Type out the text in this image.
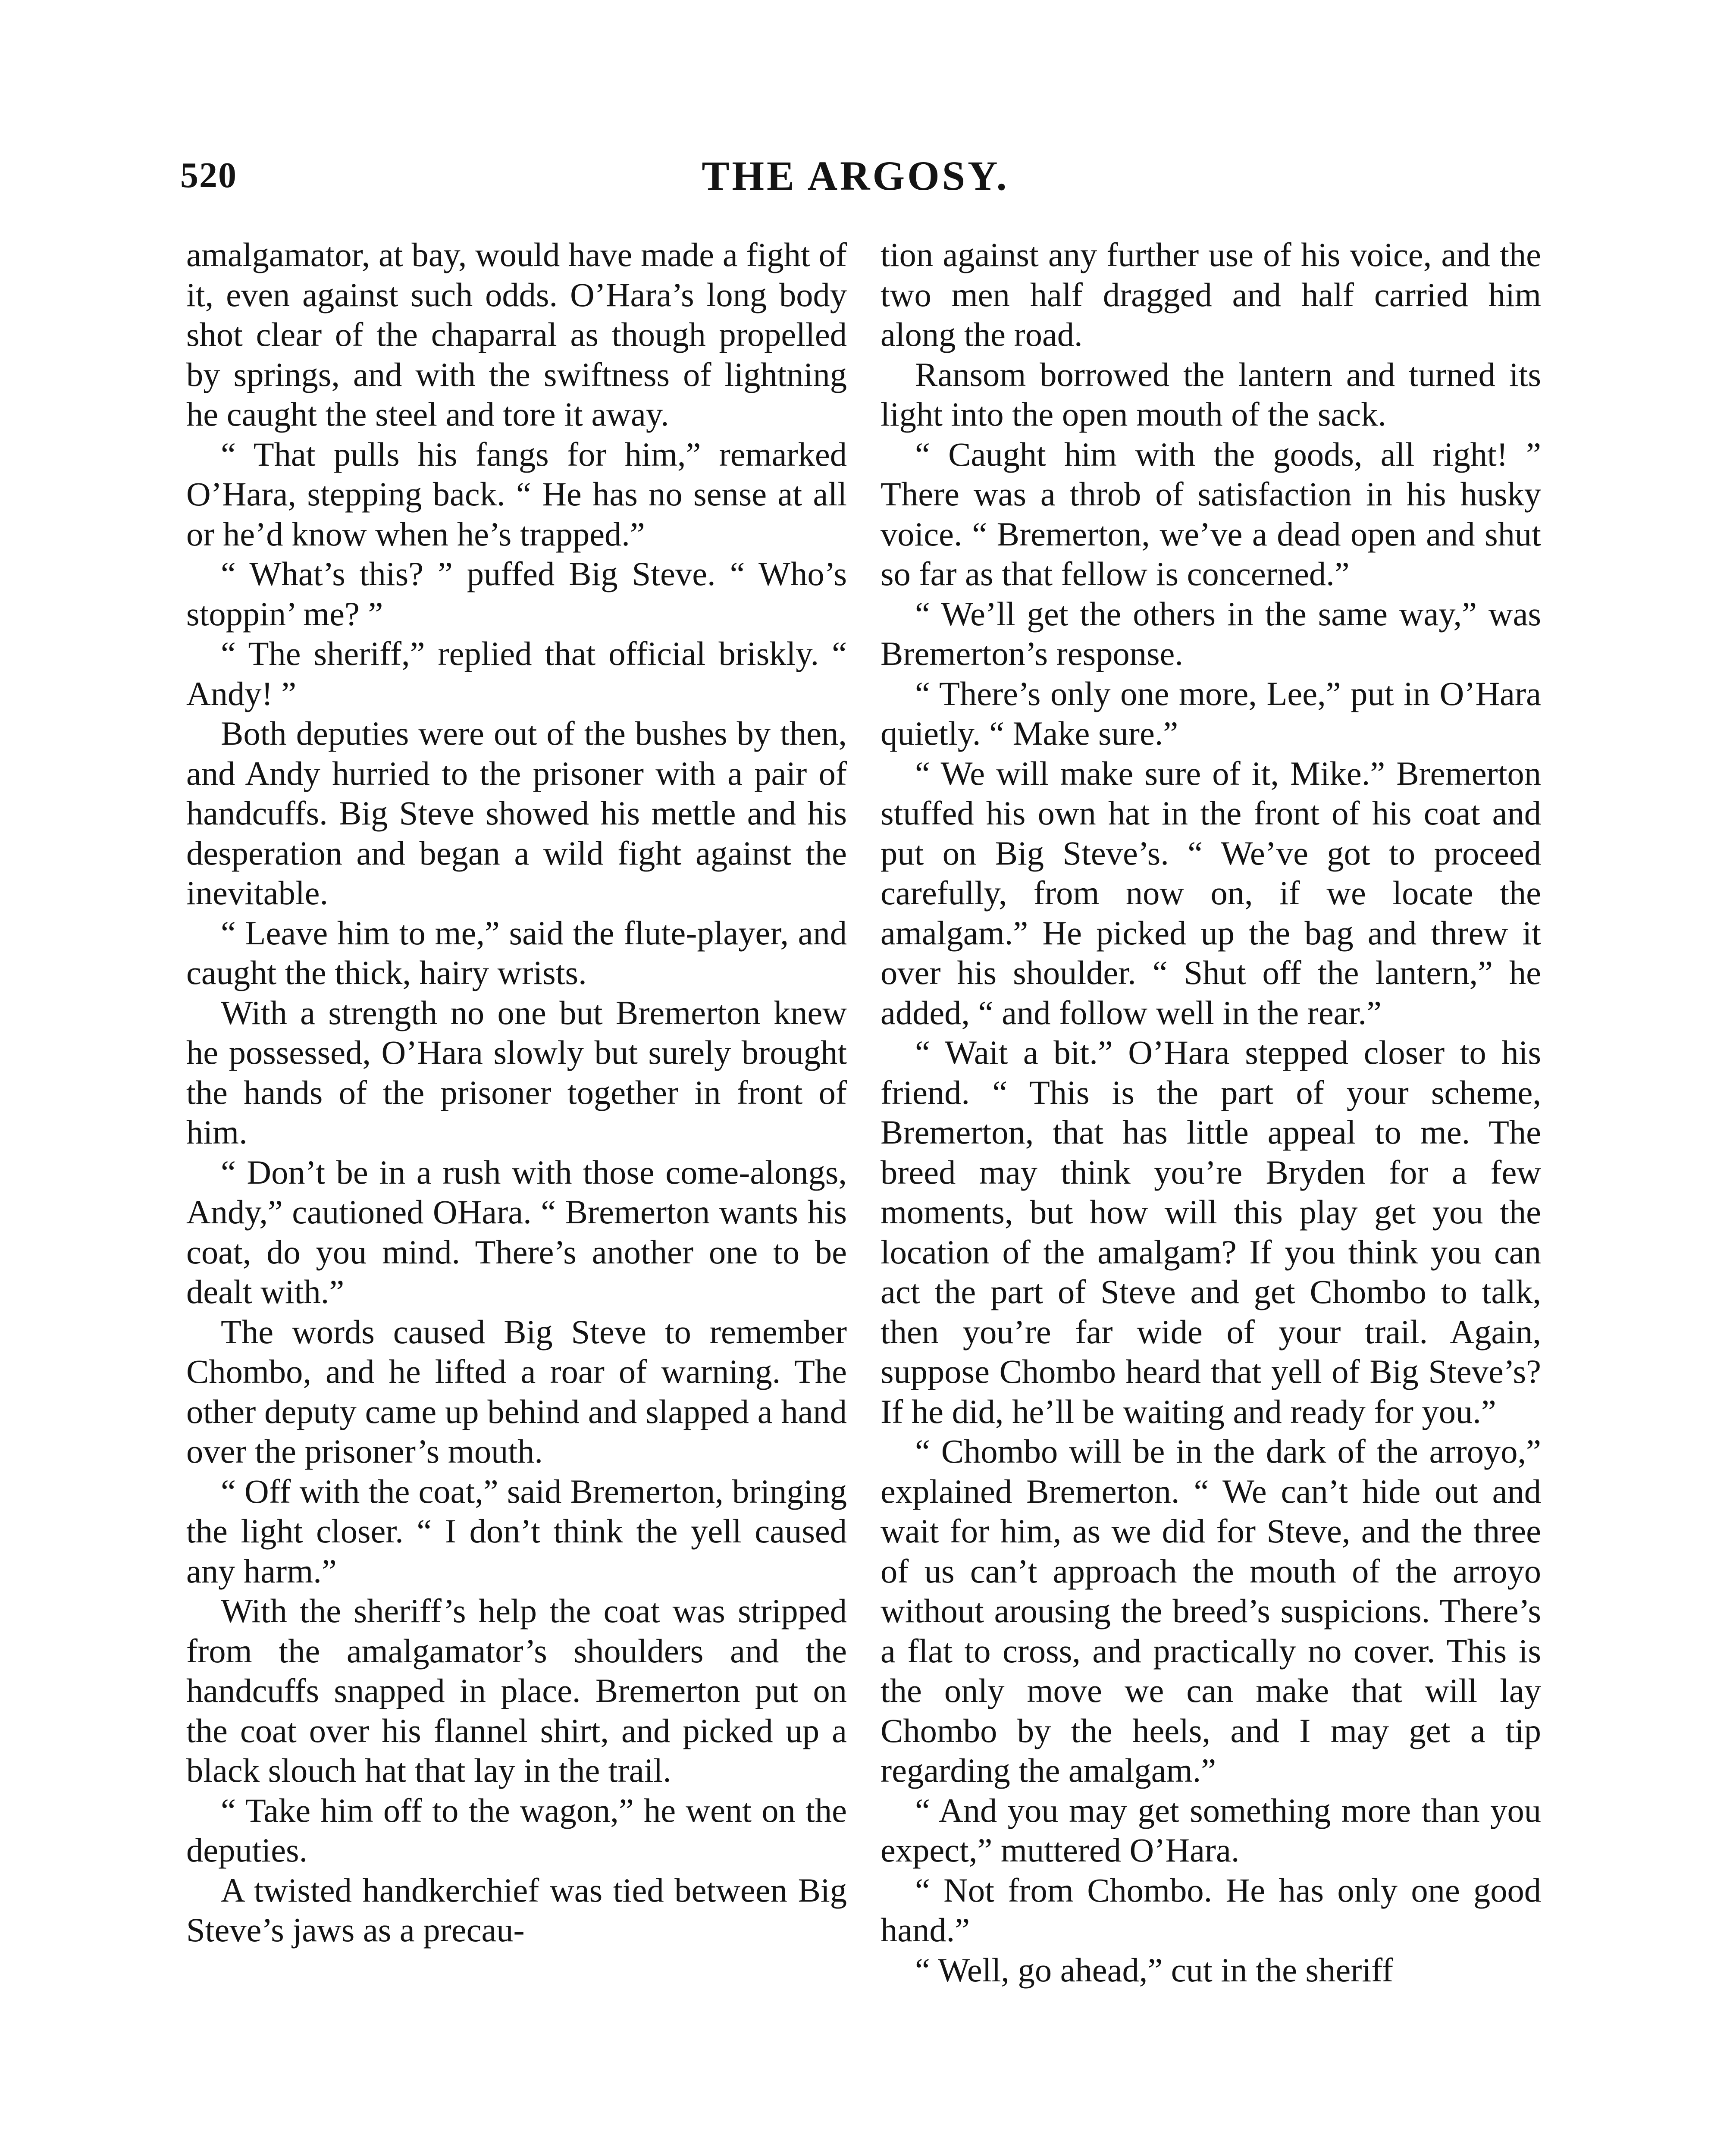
520	THE ARGOSY.

amalgamator, at bay, would have made a fight of it, even against such odds. O’Hara’s long body shot clear of the chaparral as though propelled by springs, and with the swiftness of lightning he caught the steel and tore it away.

“ That pulls his fangs for him,” remarked O’Hara, stepping back. “ He has no sense at all or he’d know when he’s trapped.”

“ What’s this? ” puffed Big Steve. “ Who’s stoppin’ me? ”

“ The sheriff,” replied that official briskly. “ Andy! ”

Both deputies were out of the bushes by then, and Andy hurried to the prisoner with a pair of handcuffs. Big Steve showed his mettle and his desperation and began a wild fight against the inevitable.

“ Leave him to me,” said the flute-player, and caught the thick, hairy wrists.

With a strength no one but Bremerton knew he possessed, O’Hara slowly but surely brought the hands of the prisoner together in front of him.

“ Don’t be in a rush with those come-alongs, Andy,” cautioned OHara. “ Bremerton wants his coat, do you mind. There’s another one to be dealt with.”

The words caused Big Steve to remember Chombo, and he lifted a roar of warning. The other deputy came up behind and slapped a hand over the prisoner’s mouth.

“ Off with the coat,” said Bremerton, bringing the light closer. “ I don’t think the yell caused any harm.”

With the sheriff’s help the coat was stripped from the amalgamator’s shoulders and the handcuffs snapped in place. Bremerton put on the coat over his flannel shirt, and picked up a black slouch hat that lay in the trail.

“ Take him off to the wagon,” he went on the deputies.

A twisted handkerchief was tied between Big Steve’s jaws as a precau-

tion against any further use of his voice, and the two men half dragged and half carried him along the road.

Ransom borrowed the lantern and turned its light into the open mouth of the sack.

“ Caught him with the goods, all right! ” There was a throb of satisfaction in his husky voice. “ Bremerton, we’ve a dead open and shut so far as that fellow is concerned.”

“ We’ll get the others in the same way,” was Bremerton’s response.

“ There’s only one more, Lee,” put in O’Hara quietly. “ Make sure.”

“ We will make sure of it, Mike.” Bremerton stuffed his own hat in the front of his coat and put on Big Steve’s. “ We’ve got to proceed carefully, from now on, if we locate the amalgam.” He picked up the bag and threw it over his shoulder. “ Shut off the lantern,” he added, “ and follow well in the rear.”

“ Wait a bit.” O’Hara stepped closer to his friend. “ This is the part of your scheme, Bremerton, that has little appeal to me. The breed may think you’re Bryden for a few moments, but how will this play get you the location of the amalgam? If you think you can act the part of Steve and get Chombo to talk, then you’re far wide of your trail. Again, suppose Chombo heard that yell of Big Steve’s? If he did, he’ll be waiting and ready for you.”

“ Chombo will be in the dark of the arroyo,” explained Bremerton. “ We can’t hide out and wait for him, as we did for Steve, and the three of us can’t approach the mouth of the arroyo without arousing the breed’s suspicions. There’s a flat to cross, and practically no cover. This is the only move we can make that will lay Chombo by the heels, and I may get a tip regarding the amalgam.”

“ And you may get something more than you expect,” muttered O’Hara.

“ Not from Chombo. He has only one good hand.”

“ Well, go ahead,” cut in the sheriff
